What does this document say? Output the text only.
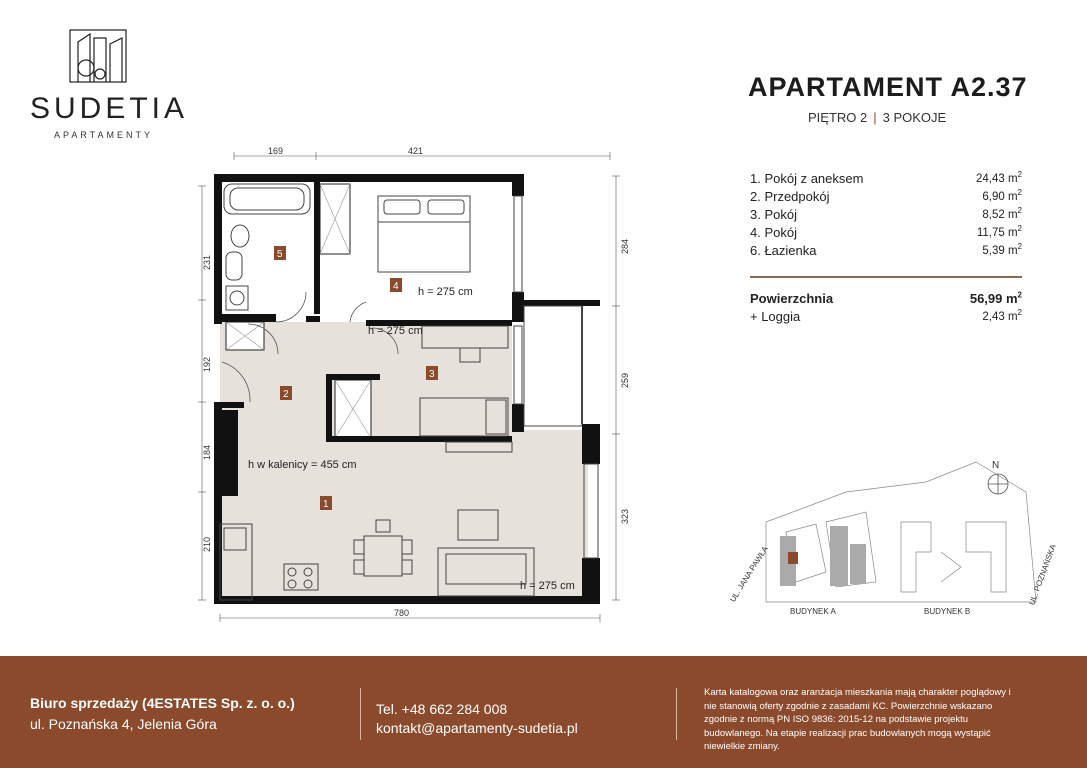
SUDETIA
APARTAMENTY
APARTAMENT A2.37
PIĘTRO 2 | 3 POKOJE
1. Pokój z aneksem	24,43 $m^2$
2. Przedpokój	6,90 $m^2$
3. Pokój	8,52 $m^2$
4. Pokój	11,75 $m^2$
6. Łazienka	5,39 $m^2$
Powierzchnia	56,99 $m^2$
+ Loggia	2,43 $m^2$
169	421
780
231
192
184
210
284
259
323
1
2
3
4
5
h = 275 cm
h = 275 cm
h w kalenicy = 455 cm
h = 275 cm
N
BUDYNEK A	BUDYNEK B
UL. JANA PAWŁA	UL. POZNAŃSKA
Biuro sprzedaży (4ESTATES Sp. z. o. o.)
ul. Poznańska 4, Jelenia Góra
Tel. +48 662 284 008
kontakt@apartamenty-sudetia.pl
Karta katalogowa oraz aranżacja mieszkania mają charakter poglądowy i nie stanowią oferty zgodnie z zasadami KC. Powierzchnie wskazano zgodnie z normą PN ISO 9836: 2015-12 na podstawie projektu budowlanego. Na etapie realizacji prac budowlanych mogą wystąpić niewielkie zmiany.
